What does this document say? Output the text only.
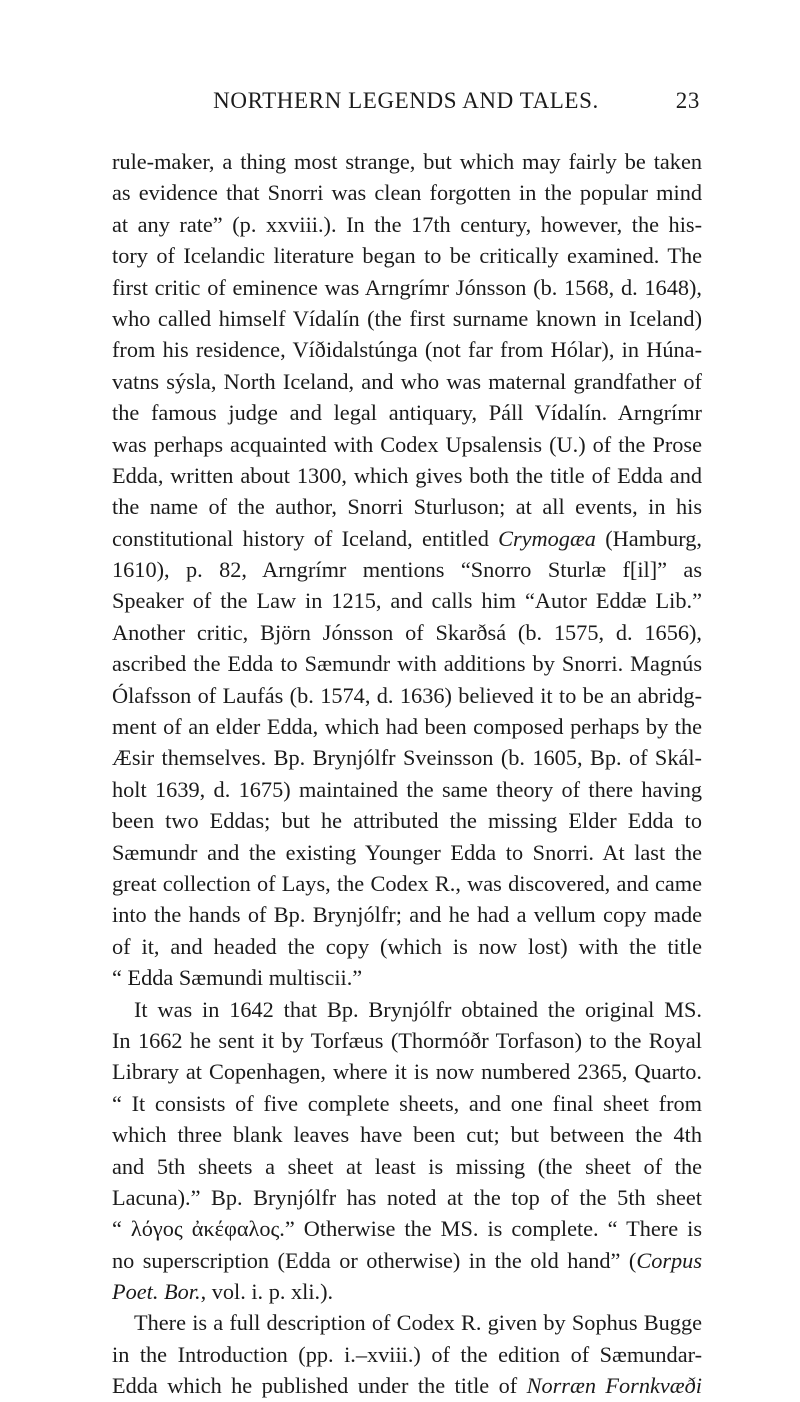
NORTHERN LEGENDS AND TALES.	23
rule-maker, a thing most strange, but which may fairly be taken
as evidence that Snorri was clean forgotten in the popular mind
at any rate” (p. xxviii.). In the 17th century, however, the his-
tory of Icelandic literature began to be critically examined. The
first critic of eminence was Arngrímr Jónsson (b. 1568, d. 1648),
who called himself Vídalín (the first surname known in Iceland)
from his residence, Víðidalstúnga (not far from Hólar), in Húna-
vatns sýsla, North Iceland, and who was maternal grandfather of
the famous judge and legal antiquary, Páll Vídalín. Arngrímr
was perhaps acquainted with Codex Upsalensis (U.) of the Prose
Edda, written about 1300, which gives both the title of Edda and
the name of the author, Snorri Sturluson; at all events, in his
constitutional history of Iceland, entitled Crymogæa (Hamburg,
1610), p. 82, Arngrímr mentions “Snorro Sturlæ f[il]” as
Speaker of the Law in 1215, and calls him “Autor Eddæ Lib.”
Another critic, Björn Jónsson of Skarðsá (b. 1575, d. 1656),
ascribed the Edda to Sæmundr with additions by Snorri. Magnús
Ólafsson of Laufás (b. 1574, d. 1636) believed it to be an abridg-
ment of an elder Edda, which had been composed perhaps by the
Æsir themselves. Bp. Brynjólfr Sveinsson (b. 1605, Bp. of Skál-
holt 1639, d. 1675) maintained the same theory of there having
been two Eddas; but he attributed the missing Elder Edda to
Sæmundr and the existing Younger Edda to Snorri. At last the
great collection of Lays, the Codex R., was discovered, and came
into the hands of Bp. Brynjólfr; and he had a vellum copy made
of it, and headed the copy (which is now lost) with the title
“ Edda Sæmundi multiscii.”
It was in 1642 that Bp. Brynjólfr obtained the original MS.
In 1662 he sent it by Torfæus (Thormóðr Torfason) to the Royal
Library at Copenhagen, where it is now numbered 2365, Quarto.
“ It consists of five complete sheets, and one final sheet from
which three blank leaves have been cut; but between the 4th
and 5th sheets a sheet at least is missing (the sheet of the
Lacuna).” Bp. Brynjólfr has noted at the top of the 5th sheet
“ λόγος ἀκέφαλος.” Otherwise the MS. is complete. “ There is
no superscription (Edda or otherwise) in the old hand” (Corpus
Poet. Bor., vol. i. p. xli.).
There is a full description of Codex R. given by Sophus Bugge
in the Introduction (pp. i.–xviii.) of the edition of Sæmundar-
Edda which he published under the title of Norræn Fornkvæði
